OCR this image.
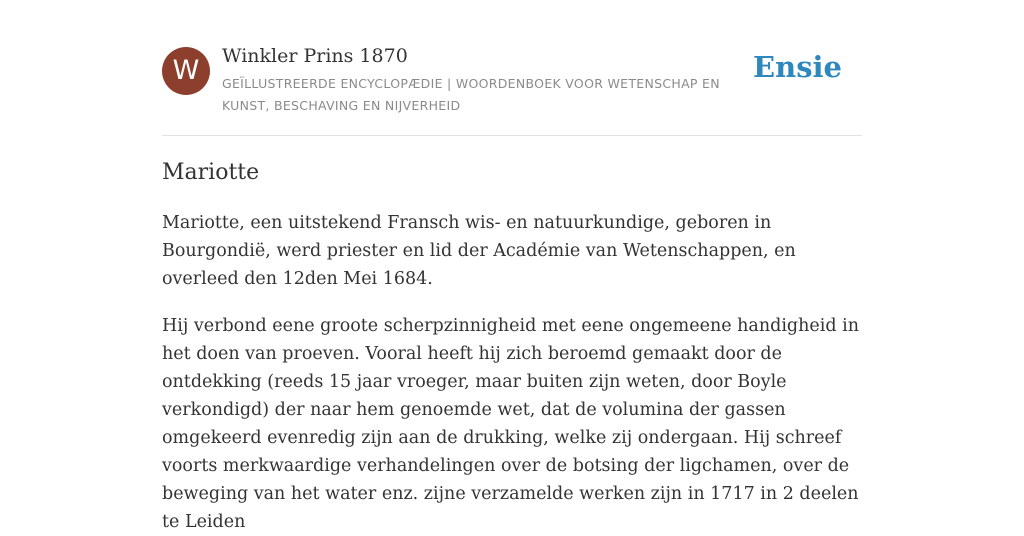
W	Winkler Prins 1870
GEÏLLUSTREERDE ENCYCLOPÆDIE | WOORDENBOEK VOOR WETENSCHAP EN KUNST, BESCHAVING EN NIJVERHEID
Ensie
Mariotte

Mariotte, een uitstekend Fransch wis- en natuurkundige, geboren in Bourgondië, werd priester en lid der Académie van Wetenschappen, en overleed den 12den Mei 1684.

Hij verbond eene groote scherpzinnigheid met eene ongemeene handigheid in het doen van proeven. Vooral heeft hij zich beroemd gemaakt door de ontdekking (reeds 15 jaar vroeger, maar buiten zijn weten, door Boyle verkondigd) der naar hem genoemde wet, dat de volumina der gassen omgekeerd evenredig zijn aan de drukking, welke zij ondergaan. Hij schreef voorts merkwaardige verhandelingen over de botsing der ligchamen, over de beweging van het water enz. zijne verzamelde werken zijn in 1717 in 2 deelen te Leiden
